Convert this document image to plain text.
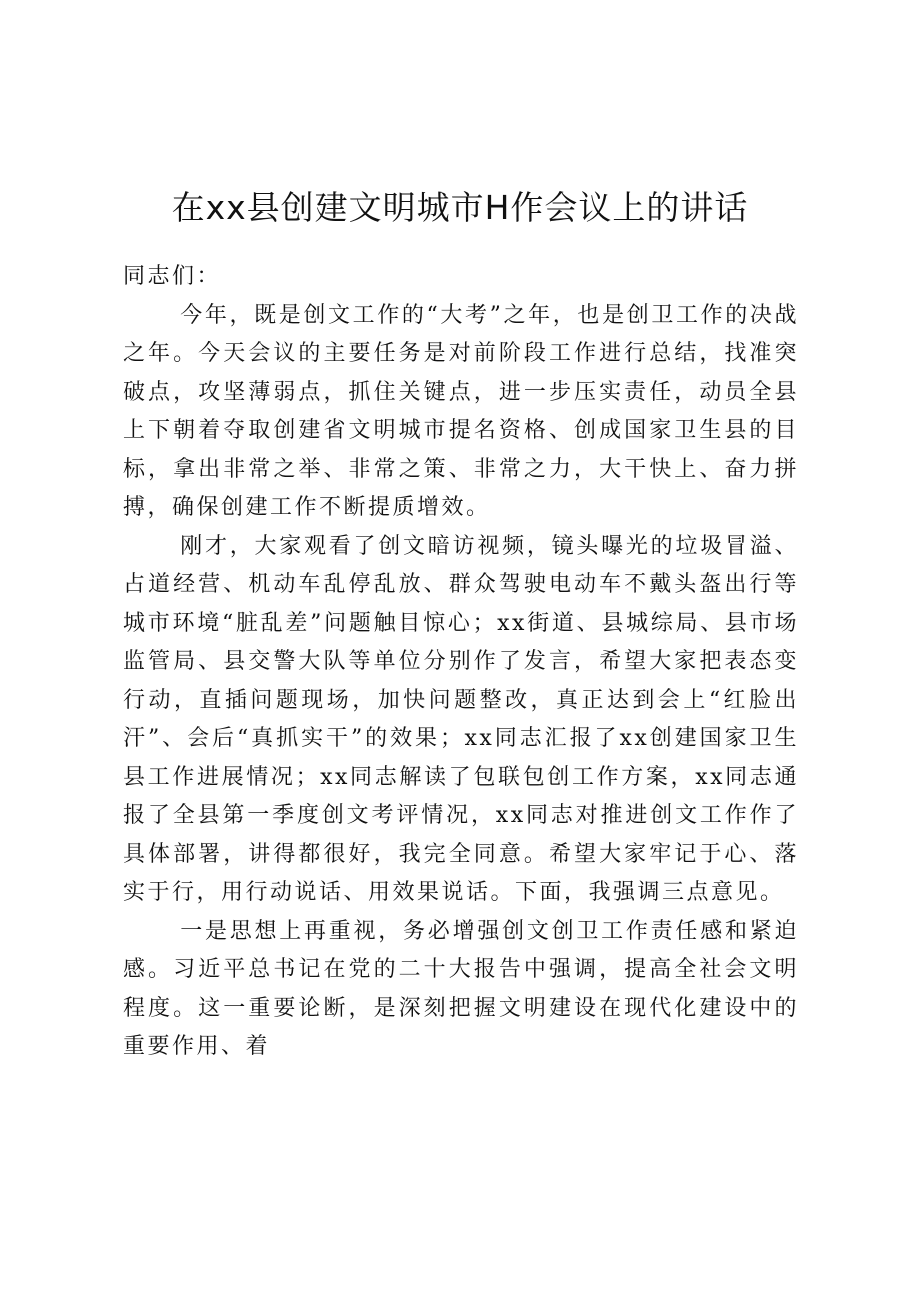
在xx县创建文明城市H作会议上的讲话

同志们：

今年，既是创文工作的“大考”之年，也是创卫工作的决战之年。今天会议的主要任务是对前阶段工作进行总结，找准突破点，攻坚薄弱点，抓住关键点，进一步压实责任，动员全县上下朝着夺取创建省文明城市提名资格、创成国家卫生县的目标，拿出非常之举、非常之策、非常之力，大干快上、奋力拼搏，确保创建工作不断提质增效。

刚才，大家观看了创文暗访视频，镜头曝光的垃圾冒溢、占道经营、机动车乱停乱放、群众驾驶电动车不戴头盔出行等城市环境“脏乱差”问题触目惊心；xx街道、县城综局、县市场监管局、县交警大队等单位分别作了发言，希望大家把表态变行动，直插问题现场，加快问题整改，真正达到会上“红脸出汗”、会后“真抓实干”的效果；xx同志汇报了xx创建国家卫生县工作进展情况；xx同志解读了包联包创工作方案，xx同志通报了全县第一季度创文考评情况，xx同志对推进创文工作作了具体部署，讲得都很好，我完全同意。希望大家牢记于心、落实于行，用行动说话、用效果说话。下面，我强调三点意见。

一是思想上再重视，务必增强创文创卫工作责任感和紧迫感。习近平总书记在党的二十大报告中强调，提高全社会文明程度。这一重要论断，是深刻把握文明建设在现代化建设中的重要作用、着
